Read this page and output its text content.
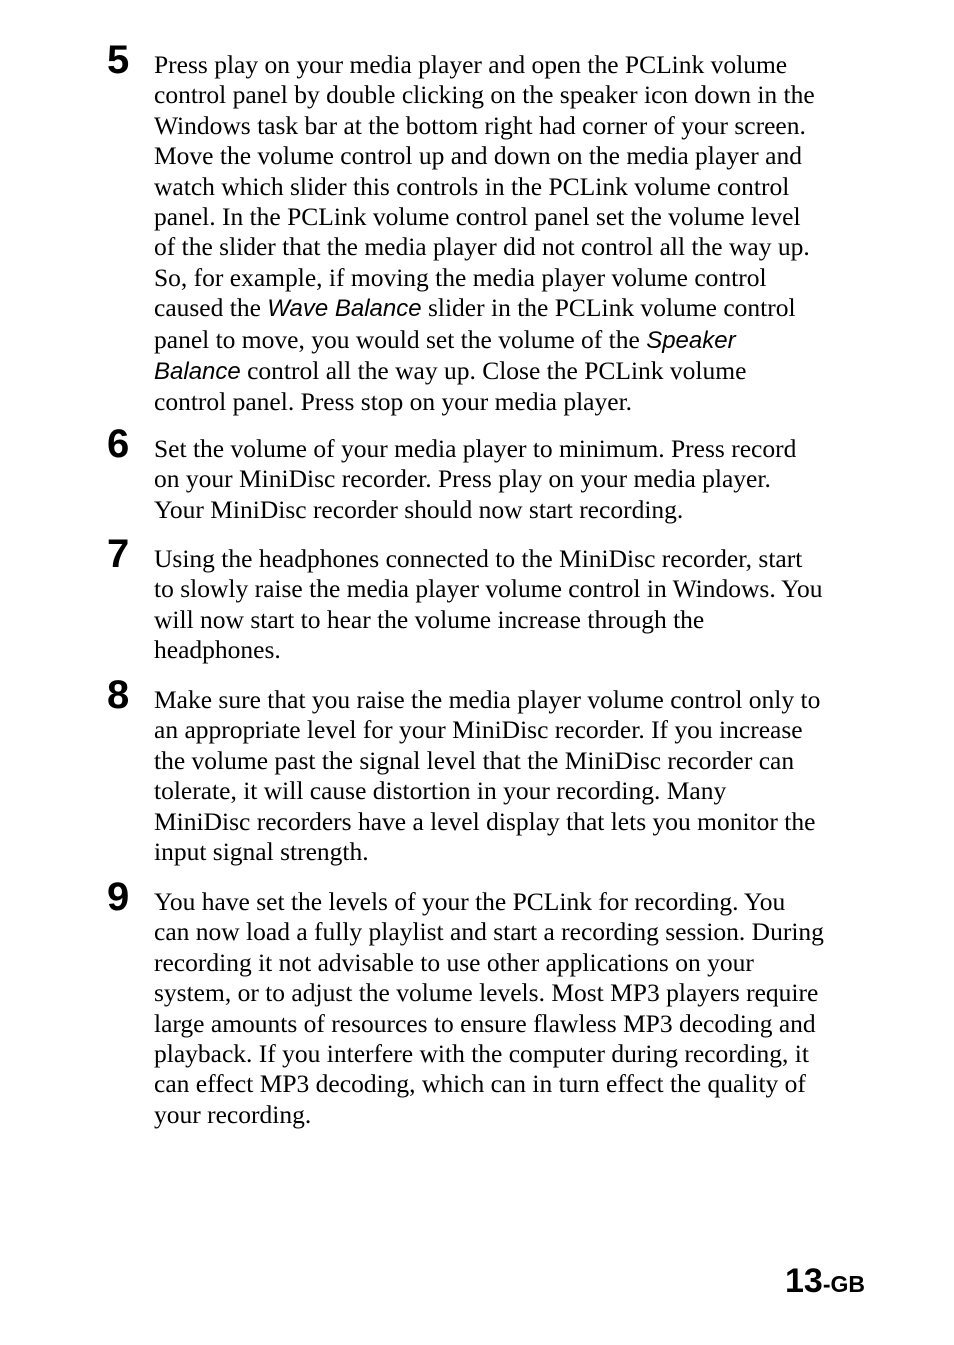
5 Press play on your media player and open the PCLink volume
control panel by double clicking on the speaker icon down in the
Windows task bar at the bottom right had corner of your screen.
Move the volume control up and down on the media player and
watch which slider this controls in the PCLink volume control
panel. In the PCLink volume control panel set the volume level
of the slider that the media player did not control all the way up.
So, for example, if moving the media player volume control
caused the Wave Balance slider in the PCLink volume control
panel to move, you would set the volume of the Speaker
Balance control all the way up. Close the PCLink volume
control panel. Press stop on your media player.
6 Set the volume of your media player to minimum. Press record
on your MiniDisc recorder. Press play on your media player.
Your MiniDisc recorder should now start recording.
7 Using the headphones connected to the MiniDisc recorder, start
to slowly raise the media player volume control in Windows. You
will now start to hear the volume increase through the
headphones.
8 Make sure that you raise the media player volume control only to
an appropriate level for your MiniDisc recorder. If you increase
the volume past the signal level that the MiniDisc recorder can
tolerate, it will cause distortion in your recording. Many
MiniDisc recorders have a level display that lets you monitor the
input signal strength.
9 You have set the levels of your the PCLink for recording. You
can now load a fully playlist and start a recording session. During
recording it not advisable to use other applications on your
system, or to adjust the volume levels. Most MP3 players require
large amounts of resources to ensure flawless MP3 decoding and
playback. If you interfere with the computer during recording, it
can effect MP3 decoding, which can in turn effect the quality of
your recording.
13-GB
